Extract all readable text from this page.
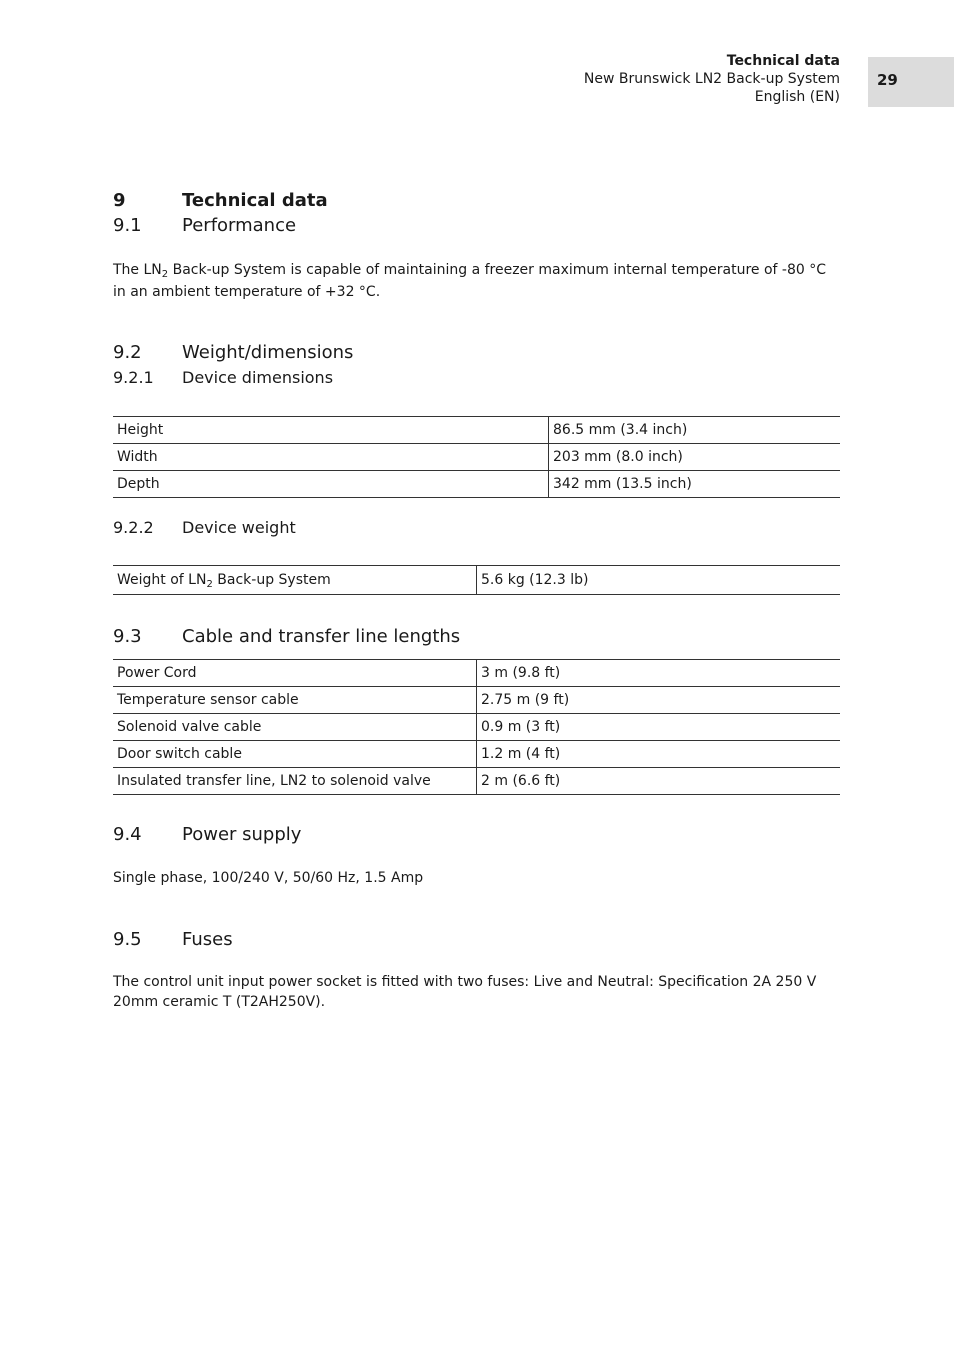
Technical data
New Brunswick LN2 Back-up System
English (EN)
29
9	Technical data
9.1 Performance
The $LN_2$ Back-up System is capable of maintaining a freezer maximum internal temperature of -80 °C in an ambient temperature of +32 °C.
9.2 Weight/dimensions
9.2.1 Device dimensions
Height	86.5 mm (3.4 inch)
Width	203 mm (8.0 inch)
Depth	342 mm (13.5 inch)
9.2.2 Device weight
Weight of $LN_2$ Back-up System	5.6 kg (12.3 lb)
9.3 Cable and transfer line lengths
Power Cord	3 m (9.8 ft)
Temperature sensor cable	2.75 m (9 ft)
Solenoid valve cable	0.9 m (3 ft)
Door switch cable	1.2 m (4 ft)
Insulated transfer line, LN2 to solenoid valve	2 m (6.6 ft)
9.4 Power supply
Single phase, 100/240 V, 50/60 Hz, 1.5 Amp
9.5 Fuses
The control unit input power socket is fitted with two fuses: Live and Neutral: Specification 2A 250 V 20mm ceramic T (T2AH250V).
